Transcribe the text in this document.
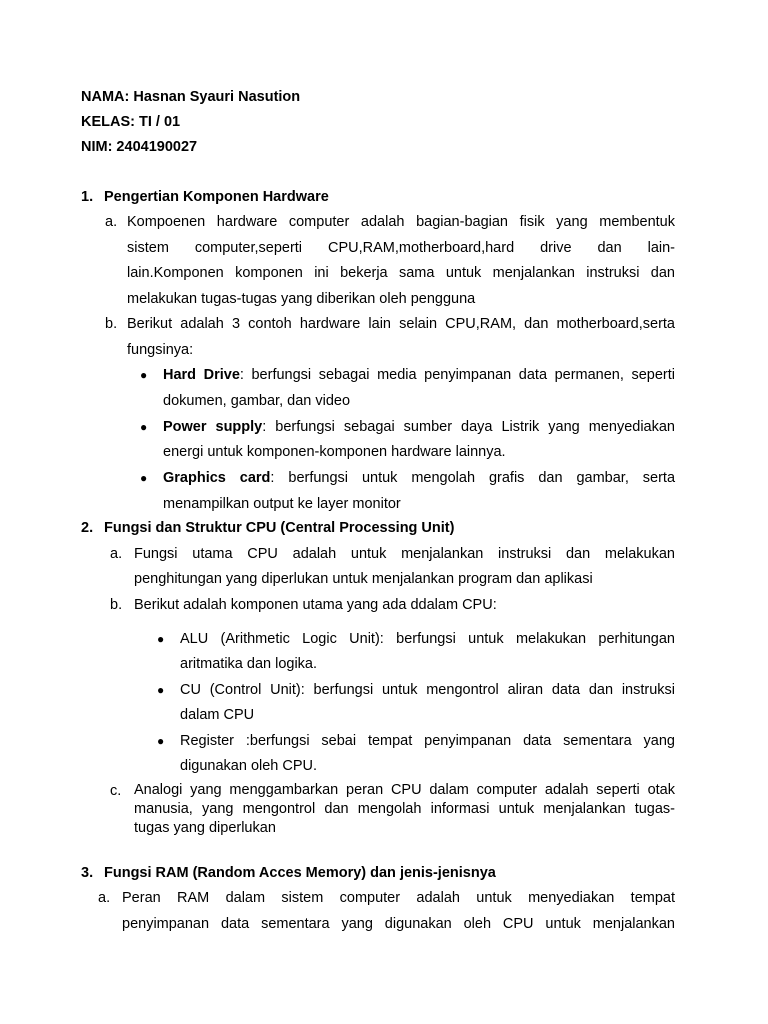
NAMA: Hasnan Syauri Nasution
KELAS: TI / 01
NIM: 2404190027
1. Pengertian Komponen Hardware
a. Kompoenen hardware computer adalah bagian-bagian fisik yang membentuk
sistem computer,seperti CPU,RAM,motherboard,hard drive dan lain-
lain.Komponen komponen ini bekerja sama untuk menjalankan instruksi dan
melakukan tugas-tugas yang diberikan oleh pengguna
b. Berikut adalah 3 contoh hardware lain selain CPU,RAM, dan motherboard,serta
fungsinya:
● Hard Drive: berfungsi sebagai media penyimpanan data permanen, seperti
dokumen, gambar, dan video
● Power supply: berfungsi sebagai sumber daya Listrik yang menyediakan
energi untuk komponen-komponen hardware lainnya.
● Graphics card: berfungsi untuk mengolah grafis dan gambar, serta
menampilkan output ke layer monitor
2. Fungsi dan Struktur CPU (Central Processing Unit)
a. Fungsi utama CPU adalah untuk menjalankan instruksi dan melakukan
penghitungan yang diperlukan untuk menjalankan program dan aplikasi
b. Berikut adalah komponen utama yang ada ddalam CPU:
● ALU (Arithmetic Logic Unit): berfungsi untuk melakukan perhitungan
aritmatika dan logika.
● CU (Control Unit): berfungsi untuk mengontrol aliran data dan instruksi
dalam CPU
● Register :berfungsi sebai tempat penyimpanan data sementara yang
digunakan oleh CPU.
c. Analogi yang menggambarkan peran CPU dalam computer adalah seperti otak
manusia, yang mengontrol dan mengolah informasi untuk menjalankan tugas-
tugas yang diperlukan
3. Fungsi RAM (Random Acces Memory) dan jenis-jenisnya
a. Peran RAM dalam sistem computer adalah untuk menyediakan tempat
penyimpanan data sementara yang digunakan oleh CPU untuk menjalankan
